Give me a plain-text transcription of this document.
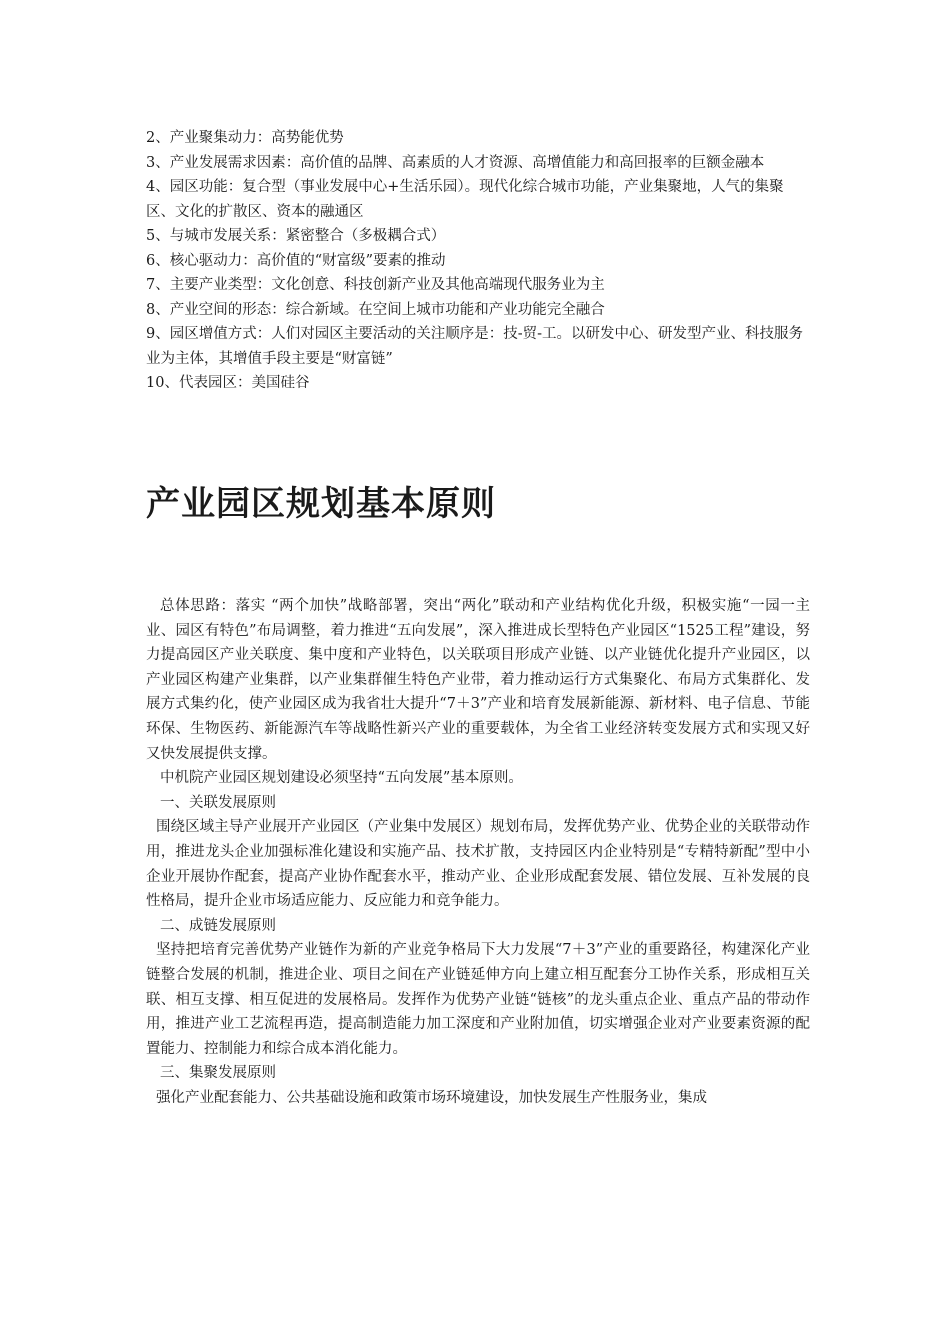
2、产业聚集动力：高势能优势

3、产业发展需求因素：高价值的品牌、高素质的人才资源、高增值能力和高回报率的巨额金融本

4、园区功能：复合型（事业发展中心+生活乐园）。现代化综合城市功能，产业集聚地，人气的集聚区、文化的扩散区、资本的融通区

5、与城市发展关系：紧密整合（多极耦合式）

6、核心驱动力：高价值的“财富级”要素的推动

7、主要产业类型：文化创意、科技创新产业及其他高端现代服务业为主

8、产业空间的形态：综合新域。在空间上城市功能和产业功能完全融合

9、园区增值方式：人们对园区主要活动的关注顺序是：技-贸-工。以研发中心、研发型产业、科技服务业为主体，其增值手段主要是“财富链”

10、代表园区：美国硅谷

产业园区规划基本原则

总体思路：落实 “两个加快”战略部署，突出“两化”联动和产业结构优化升级，积极实施“一园一主业、园区有特色”布局调整，着力推进“五向发展”，深入推进成长型特色产业园区“1525工程”建设，努力提高园区产业关联度、集中度和产业特色，以关联项目形成产业链、以产业链优化提升产业园区，以产业园区构建产业集群，以产业集群催生特色产业带，着力推动运行方式集聚化、布局方式集群化、发展方式集约化，使产业园区成为我省壮大提升“7＋3”产业和培育发展新能源、新材料、电子信息、节能环保、生物医药、新能源汽车等战略性新兴产业的重要载体，为全省工业经济转变发展方式和实现又好又快发展提供支撑。

中机院产业园区规划建设必须坚持“五向发展”基本原则。

一、关联发展原则

围绕区域主导产业展开产业园区（产业集中发展区）规划布局，发挥优势产业、优势企业的关联带动作用，推进龙头企业加强标准化建设和实施产品、技术扩散，支持园区内企业特别是“专精特新配”型中小企业开展协作配套，提高产业协作配套水平，推动产业、企业形成配套发展、错位发展、互补发展的良性格局，提升企业市场适应能力、反应能力和竞争能力。

二、成链发展原则

坚持把培育完善优势产业链作为新的产业竞争格局下大力发展“7＋3”产业的重要路径，构建深化产业链整合发展的机制，推进企业、项目之间在产业链延伸方向上建立相互配套分工协作关系，形成相互关联、相互支撑、相互促进的发展格局。发挥作为优势产业链“链核”的龙头重点企业、重点产品的带动作用，推进产业工艺流程再造，提高制造能力加工深度和产业附加值，切实增强企业对产业要素资源的配置能力、控制能力和综合成本消化能力。

三、集聚发展原则

强化产业配套能力、公共基础设施和政策市场环境建设，加快发展生产性服务业，集成
